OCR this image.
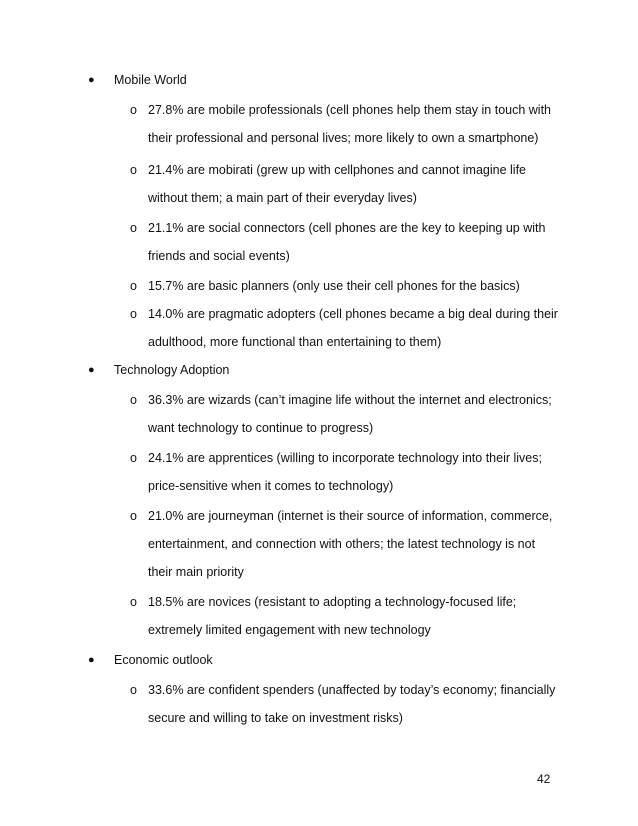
● Mobile World
o 27.8% are mobile professionals (cell phones help them stay in touch with
their professional and personal lives; more likely to own a smartphone)
o 21.4% are mobirati (grew up with cellphones and cannot imagine life
without them; a main part of their everyday lives)
o 21.1% are social connectors (cell phones are the key to keeping up with
friends and social events)
o 15.7% are basic planners (only use their cell phones for the basics)
o 14.0% are pragmatic adopters (cell phones became a big deal during their
adulthood, more functional than entertaining to them)
● Technology Adoption
o 36.3% are wizards (can’t imagine life without the internet and electronics;
want technology to continue to progress)
o 24.1% are apprentices (willing to incorporate technology into their lives;
price-sensitive when it comes to technology)
o 21.0% are journeyman (internet is their source of information, commerce,
entertainment, and connection with others; the latest technology is not
their main priority
o 18.5% are novices (resistant to adopting a technology-focused life;
extremely limited engagement with new technology
● Economic outlook
o 33.6% are confident spenders (unaffected by today’s economy; financially
secure and willing to take on investment risks)
42
